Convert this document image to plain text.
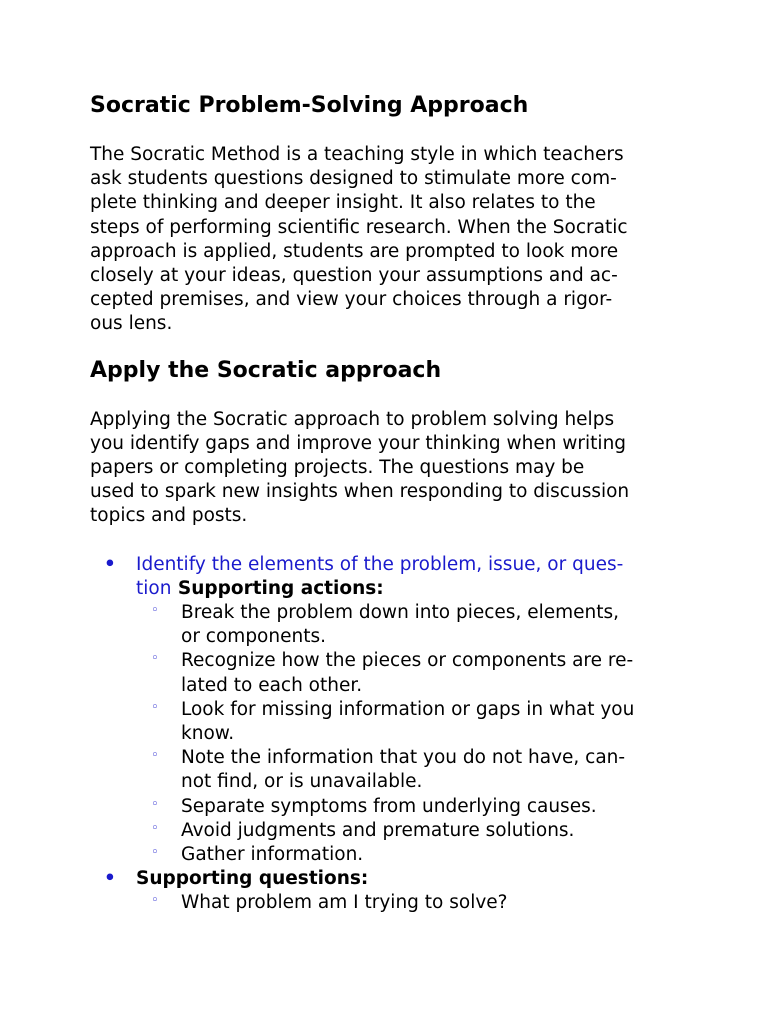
Socratic Problem-Solving Approach

The Socratic Method is a teaching style in which teachers
ask students questions designed to stimulate more com-
plete thinking and deeper insight. It also relates to the
steps of performing scientific research. When the Socratic
approach is applied, students are prompted to look more
closely at your ideas, question your assumptions and ac-
cepted premises, and view your choices through a rigor-
ous lens.

Apply the Socratic approach

Applying the Socratic approach to problem solving helps
you identify gaps and improve your thinking when writing
papers or completing projects. The questions may be
used to spark new insights when responding to discussion
topics and posts.

• Identify the elements of the problem, issue, or ques-
tion Supporting actions:
◦ Break the problem down into pieces, elements,
or components.
◦ Recognize how the pieces or components are re-
lated to each other.
◦ Look for missing information or gaps in what you
know.
◦ Note the information that you do not have, can-
not find, or is unavailable.
◦ Separate symptoms from underlying causes.
◦ Avoid judgments and premature solutions.
◦ Gather information.
• Supporting questions:
◦ What problem am I trying to solve?
